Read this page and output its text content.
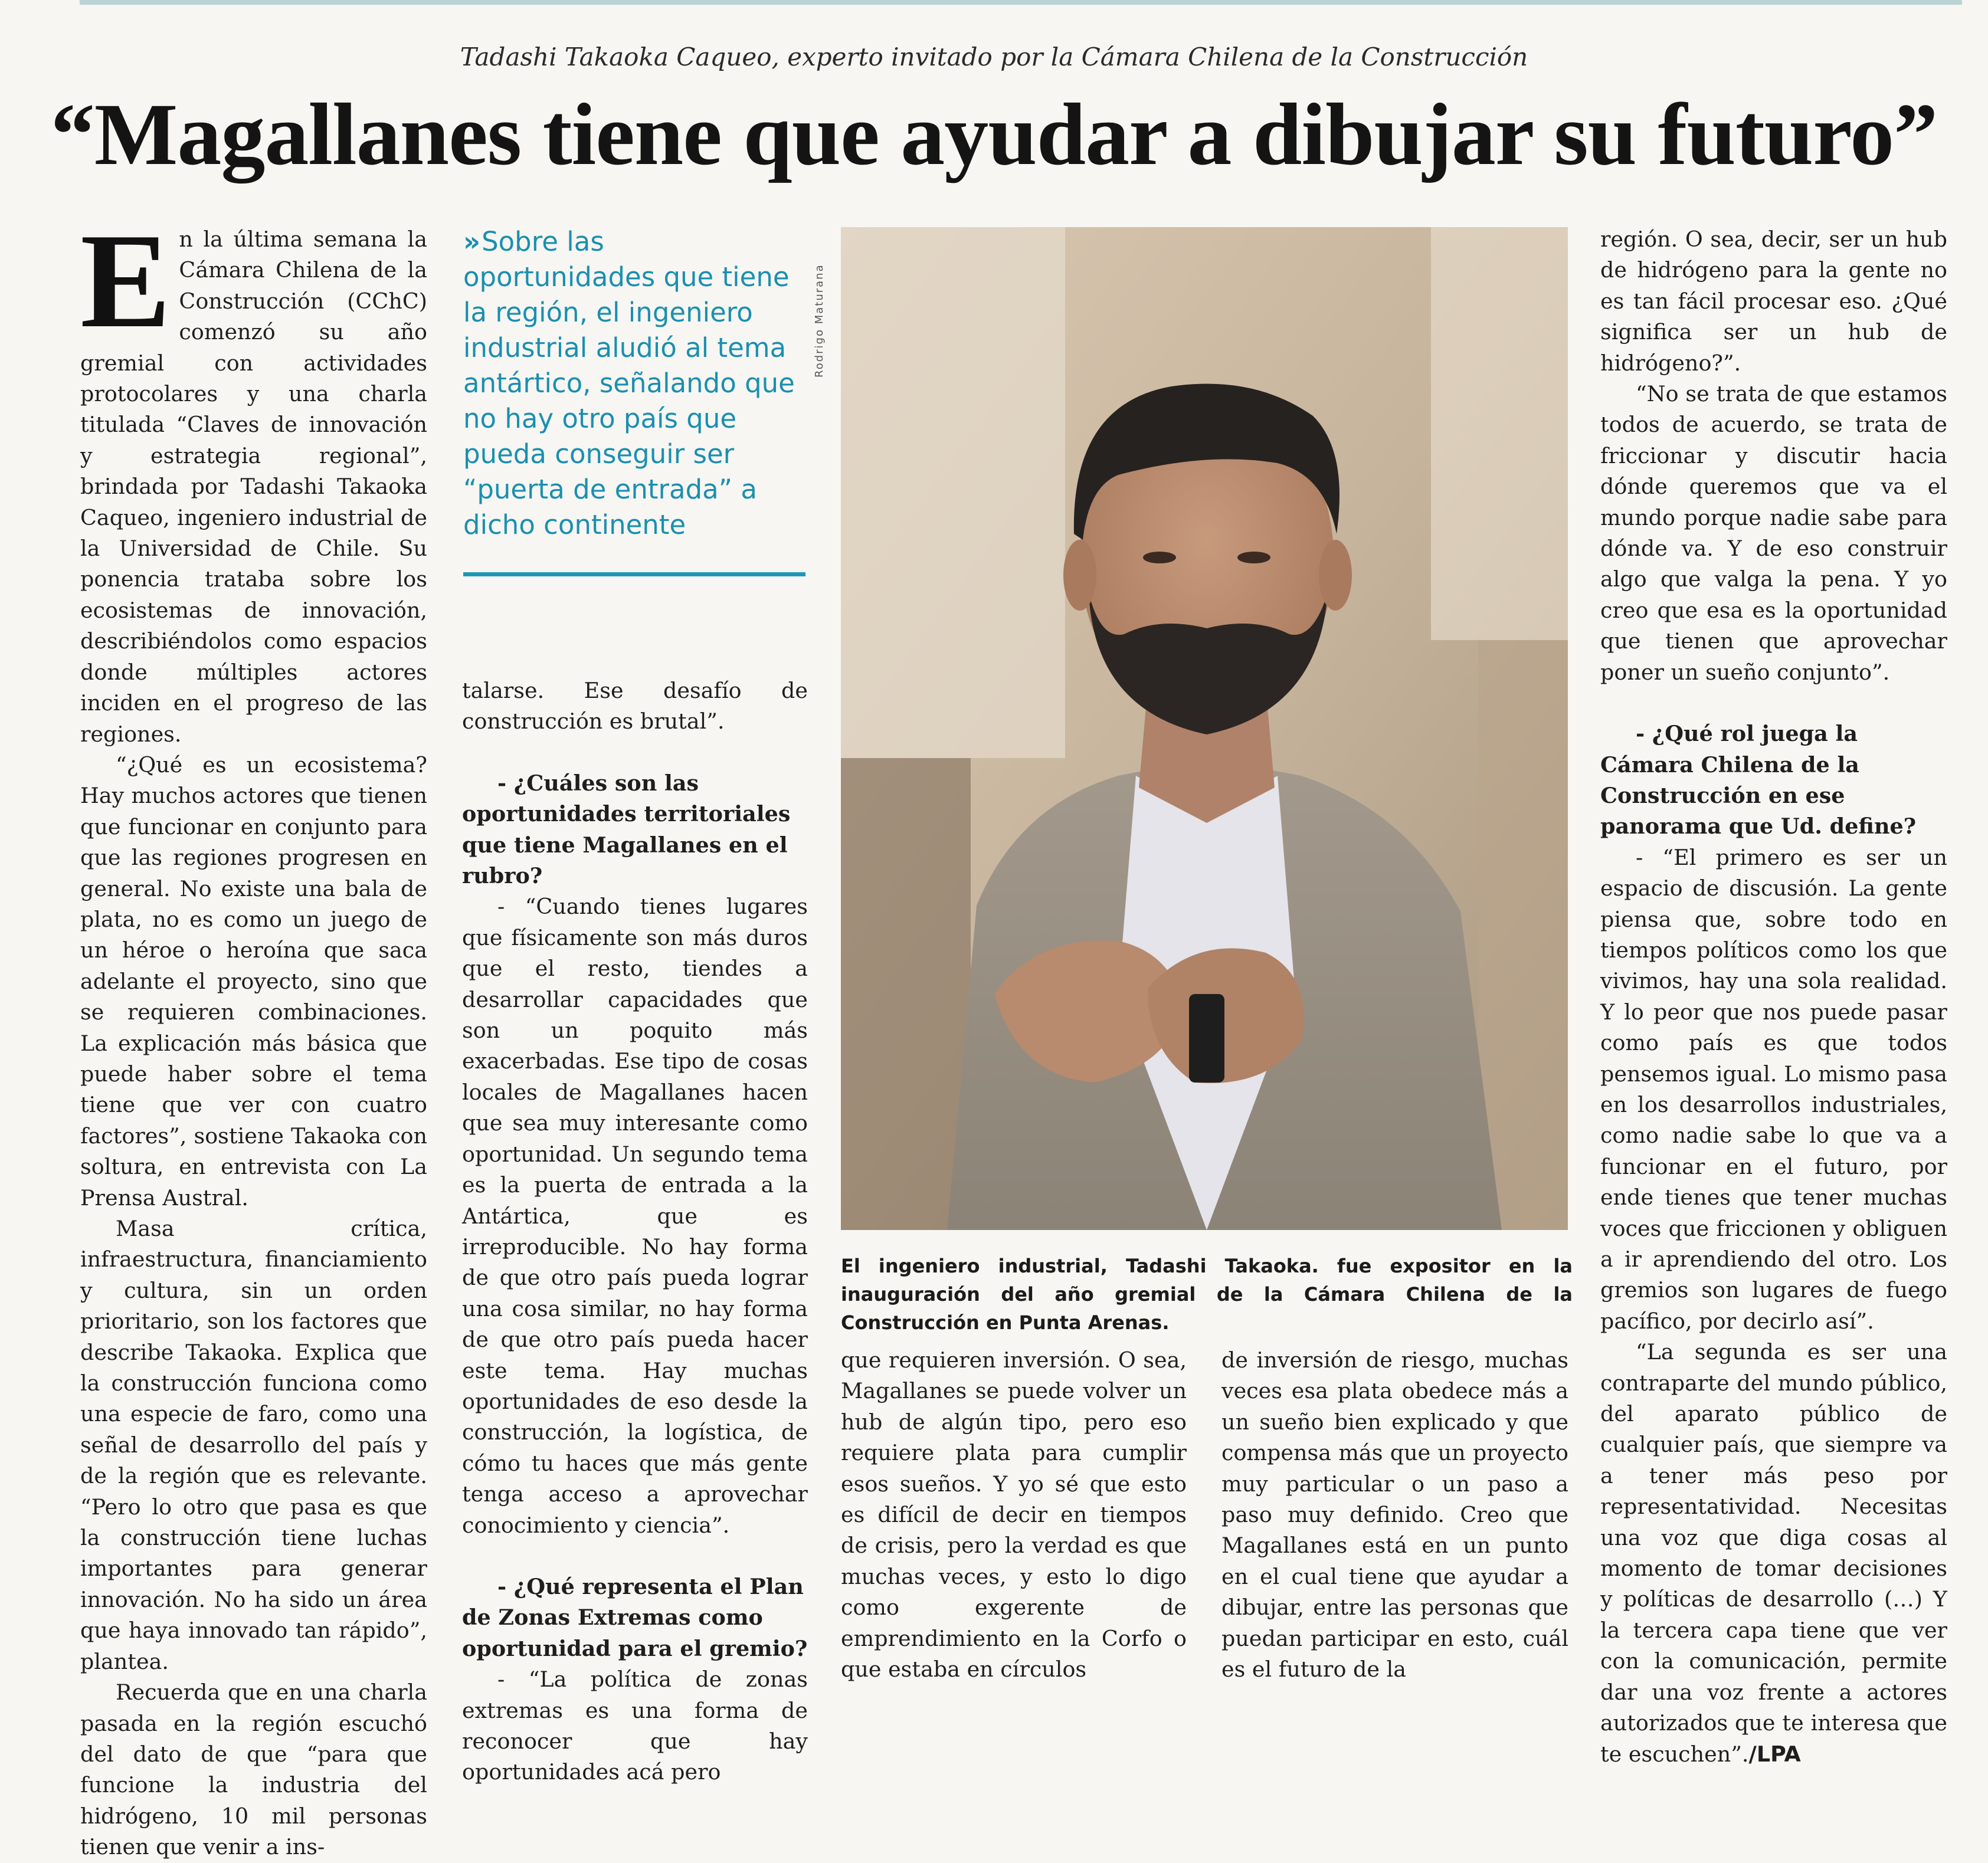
Tadashi Takaoka Caqueo, experto invitado por la Cámara Chilena de la Construcción
“Magallanes tiene que ayudar a dibujar su futuro”

En la última semana la Cámara Chilena de la Construcción (CChC) comenzó su año gremial con actividades protocolares y una charla titulada “Claves de innovación y estrategia regional”, brindada por Tadashi Takaoka Caqueo, ingeniero industrial de la Universidad de Chile. Su ponencia trataba sobre los ecosistemas de innovación, describiéndolos como espacios donde múltiples actores inciden en el progreso de las regiones.

“¿Qué es un ecosistema? Hay muchos actores que tienen que funcionar en conjunto para que las regiones progresen en general. No existe una bala de plata, no es como un juego de un héroe o heroína que saca adelante el proyecto, sino que se requieren combinaciones. La explicación más básica que puede haber sobre el tema tiene que ver con cuatro factores”, sostiene Takaoka con soltura, en entrevista con La Prensa Austral.

Masa crítica, infraestructura, financiamiento y cultura, sin un orden prioritario, son los factores que describe Takaoka. Explica que la construcción funciona como una especie de faro, como una señal de desarrollo del país y de la región que es relevante. “Pero lo otro que pasa es que la construcción tiene luchas importantes para generar innovación. No ha sido un área que haya innovado tan rápido”, plantea.

Recuerda que en una charla pasada en la región escuchó del dato de que “para que funcione la industria del hidrógeno, 10 mil personas tienen que venir a ins-

» Sobre las oportunidades que tiene la región, el ingeniero industrial aludió al tema antártico, señalando que no hay otro país que pueda conseguir ser “puerta de entrada” a dicho continente

talarse. Ese desafío de construcción es brutal”.

- ¿Cuáles son las oportunidades territoriales que tiene Magallanes en el rubro?

- “Cuando tienes lugares que físicamente son más duros que el resto, tiendes a desarrollar capacidades que son un poquito más exacerbadas. Ese tipo de cosas locales de Magallanes hacen que sea muy interesante como oportunidad. Un segundo tema es la puerta de entrada a la Antártica, que es irreproducible. No hay forma de que otro país pueda lograr una cosa similar, no hay forma de que otro país pueda hacer este tema. Hay muchas oportunidades de eso desde la construcción, la logística, de cómo tu haces que más gente tenga acceso a aprovechar conocimiento y ciencia”.

- ¿Qué representa el Plan de Zonas Extremas como oportunidad para el gremio?

- “La política de zonas extremas es una forma de reconocer que hay oportunidades acá pero

Rodrigo Maturana
El ingeniero industrial, Tadashi Takaoka. fue expositor en la inauguración del año gremial de la Cámara Chilena de la Construcción en Punta Arenas.

que requieren inversión. O sea, Magallanes se puede volver un hub de algún tipo, pero eso requiere plata para cumplir esos sueños. Y yo sé que esto es difícil de decir en tiempos de crisis, pero la verdad es que muchas veces, y esto lo digo como exgerente de emprendimiento en la Corfo o que estaba en círculos

de inversión de riesgo, muchas veces esa plata obedece más a un sueño bien explicado y que compensa más que un proyecto muy particular o un paso a paso muy definido. Creo que Magallanes está en un punto en el cual tiene que ayudar a dibujar, entre las personas que puedan participar en esto, cuál es el futuro de la

región. O sea, decir, ser un hub de hidrógeno para la gente no es tan fácil procesar eso. ¿Qué significa ser un hub de hidrógeno?”.

“No se trata de que estamos todos de acuerdo, se trata de friccionar y discutir hacia dónde queremos que va el mundo porque nadie sabe para dónde va. Y de eso construir algo que valga la pena. Y yo creo que esa es la oportunidad que tienen que aprovechar poner un sueño conjunto”.

- ¿Qué rol juega la Cámara Chilena de la Construcción en ese panorama que Ud. define?

- “El primero es ser un espacio de discusión. La gente piensa que, sobre todo en tiempos políticos como los que vivimos, hay una sola realidad. Y lo peor que nos puede pasar como país es que todos pensemos igual. Lo mismo pasa en los desarrollos industriales, como nadie sabe lo que va a funcionar en el futuro, por ende tienes que tener muchas voces que friccionen y obliguen a ir aprendiendo del otro. Los gremios son lugares de fuego pacífico, por decirlo así”.

“La segunda es ser una contraparte del mundo público, del aparato público de cualquier país, que siempre va a tener más peso por representatividad. Necesitas una voz que diga cosas al momento de tomar decisiones y políticas de desarrollo (…) Y la tercera capa tiene que ver con la comunicación, permite dar una voz frente a actores autorizados que te interesa que te escuchen”./LPA
